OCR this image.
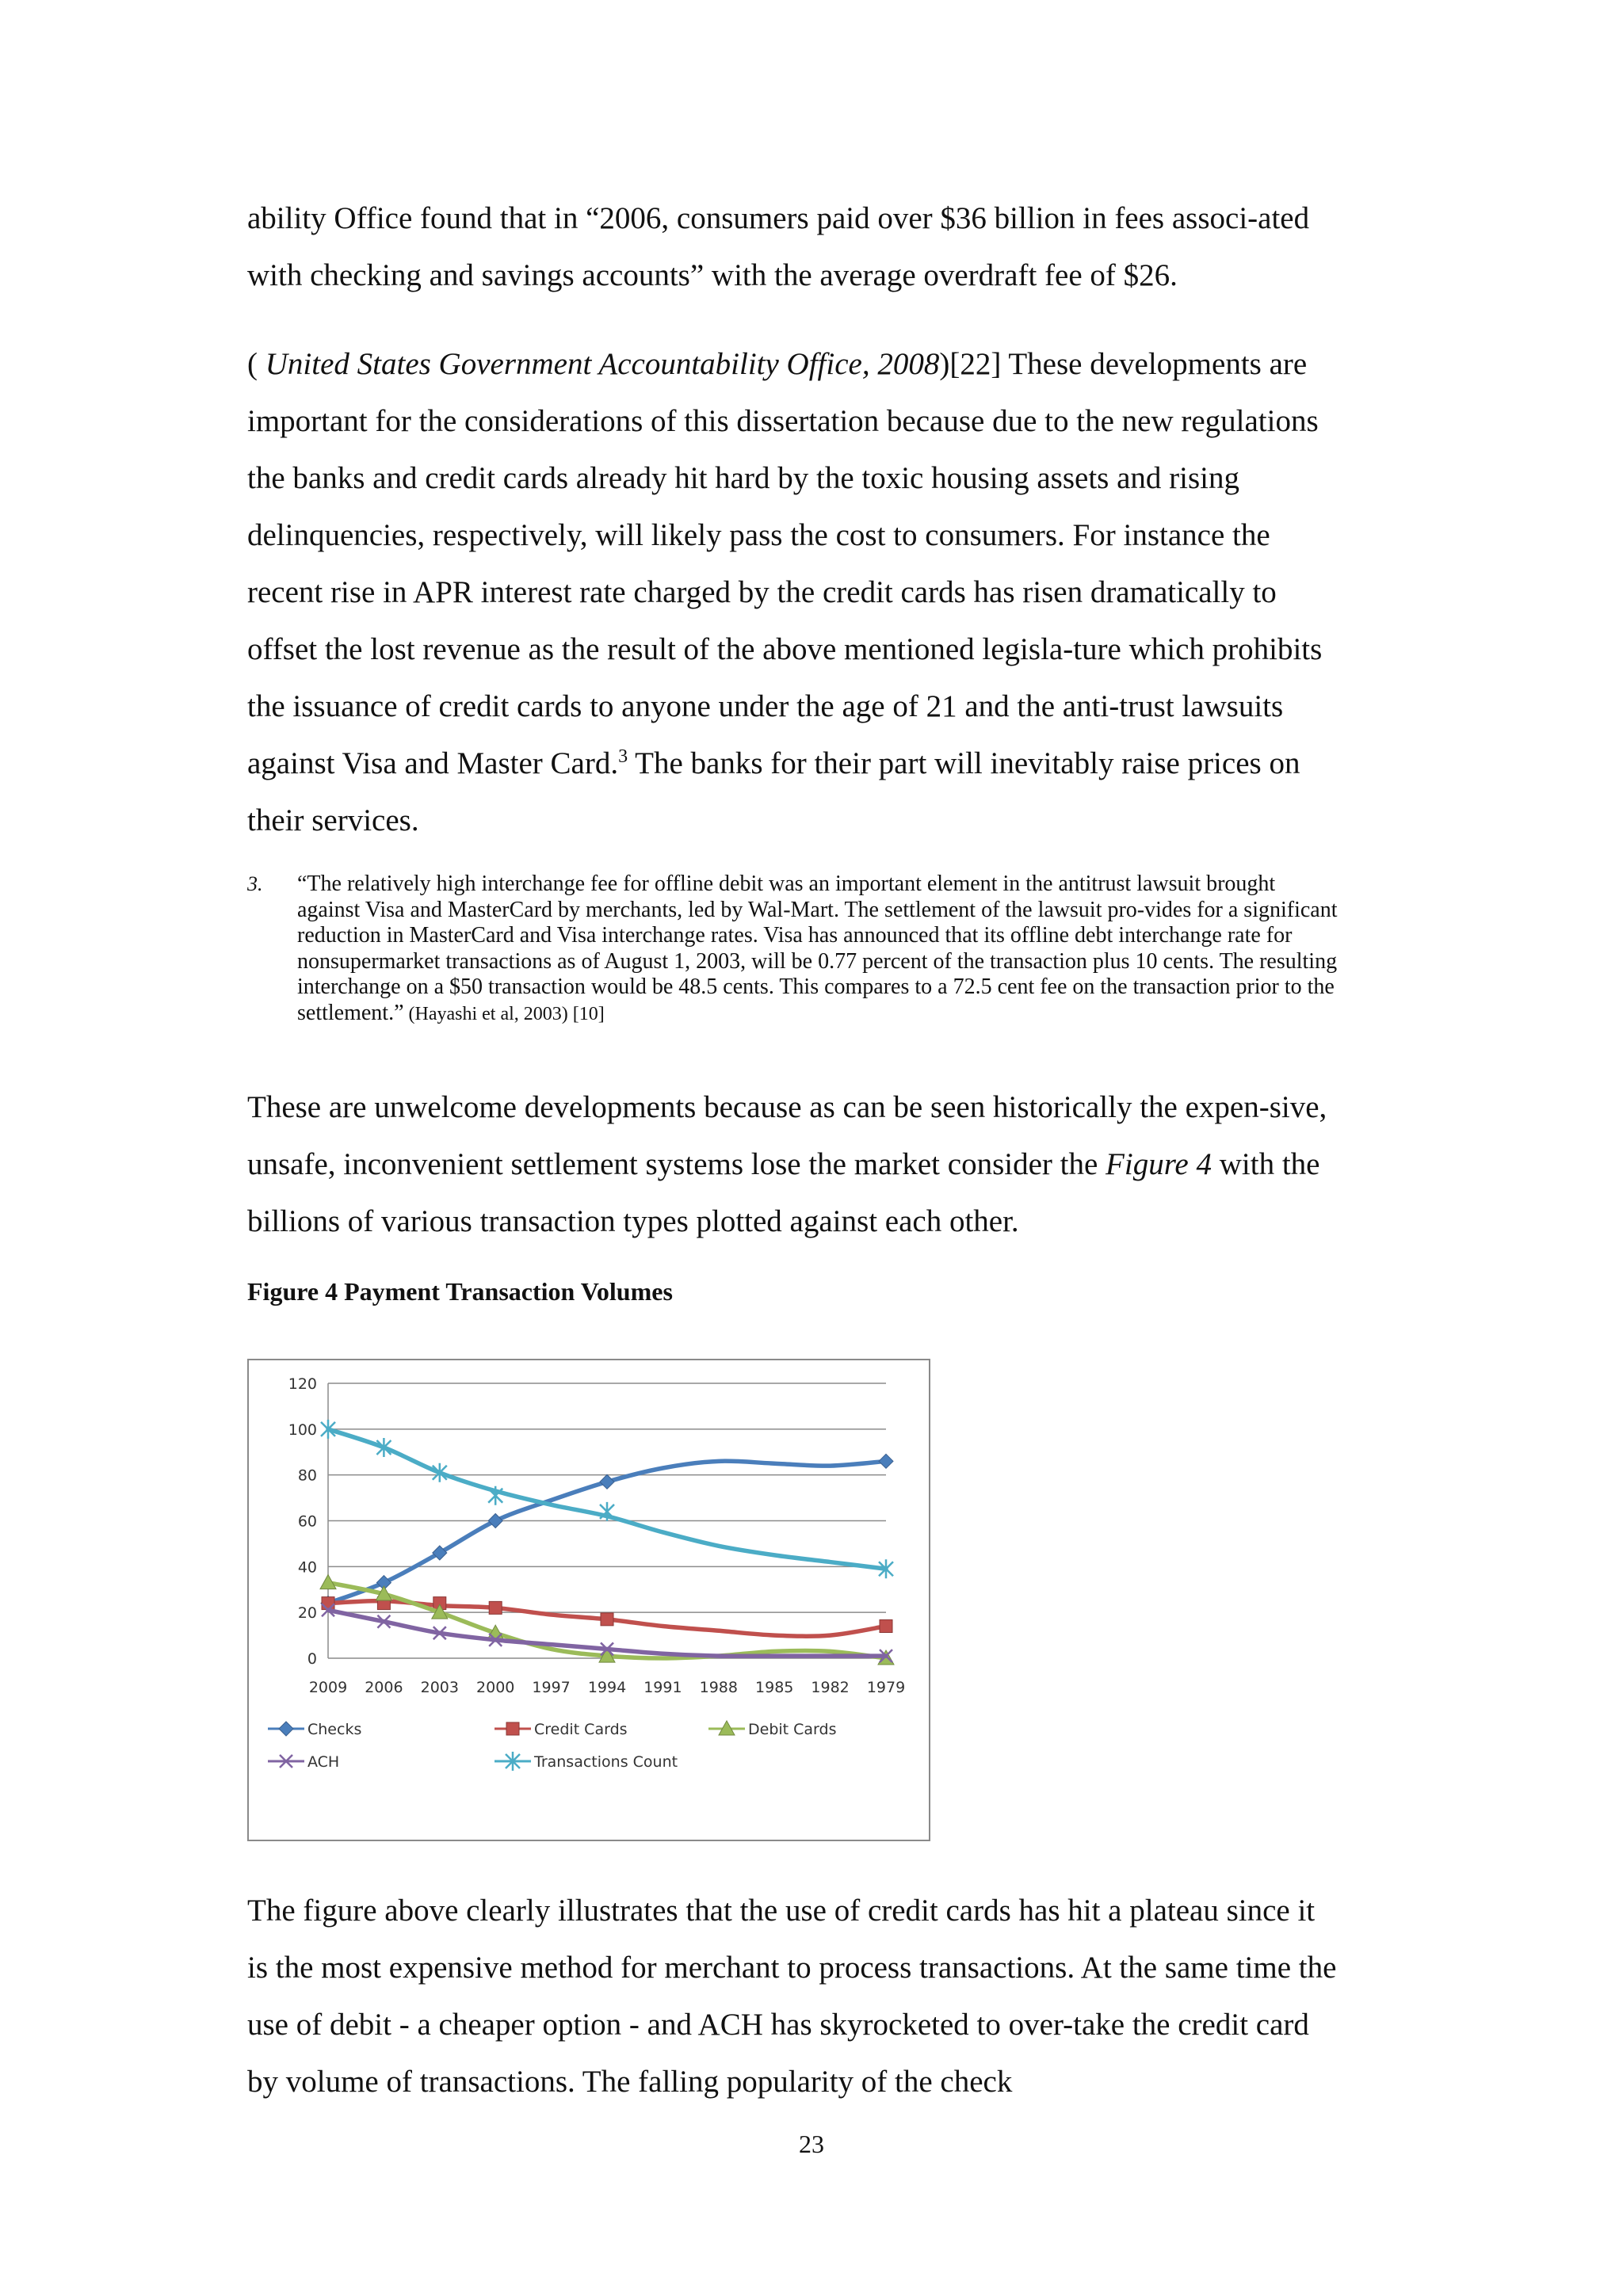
ability Office found that in “2006, consumers paid over $36 billion in fees associ-ated with checking and savings accounts” with the average overdraft fee of $26.

( United States Government Accountability Office, 2008)[22] These developments are important for the considerations of this dissertation because due to the new regulations the banks and credit cards already hit hard by the toxic housing assets and rising delinquencies, respectively, will likely pass the cost to consumers. For instance the recent rise in APR interest rate charged by the credit cards has risen dramatically to offset the lost revenue as the result of the above mentioned legisla-ture which prohibits the issuance of credit cards to anyone under the age of 21 and the anti-trust lawsuits against Visa and Master Card.$^3$ The banks for their part will inevitably raise prices on their services.

3. “The relatively high interchange fee for offline debit was an important element in the antitrust lawsuit brought against Visa and MasterCard by merchants, led by Wal-Mart. The settlement of the lawsuit pro-vides for a significant reduction in MasterCard and Visa interchange rates. Visa has announced that its offline debt interchange rate for nonsupermarket transactions as of August 1, 2003, will be 0.77 percent of the transaction plus 10 cents. The resulting interchange on a $50 transaction would be 48.5 cents. This compares to a 72.5 cent fee on the transaction prior to the settlement.” (Hayashi et al, 2003) [10]

These are unwelcome developments because as can be seen historically the expen-sive, unsafe, inconvenient settlement systems lose the market consider the Figure 4 with the billions of various transaction types plotted against each other.

Figure 4 Payment Transaction Volumes

0
20
40
60
80
100
120
2009 2006 2003 2000 1997 1994 1991 1988 1985 1982 1979
Checks	Credit Cards	Debit Cards
ACH	Transactions Count

The figure above clearly illustrates that the use of credit cards has hit a plateau since it is the most expensive method for merchant to process transactions. At the same time the use of debit - a cheaper option - and ACH has skyrocketed to over-take the credit card by volume of transactions. The falling popularity of the check

23
